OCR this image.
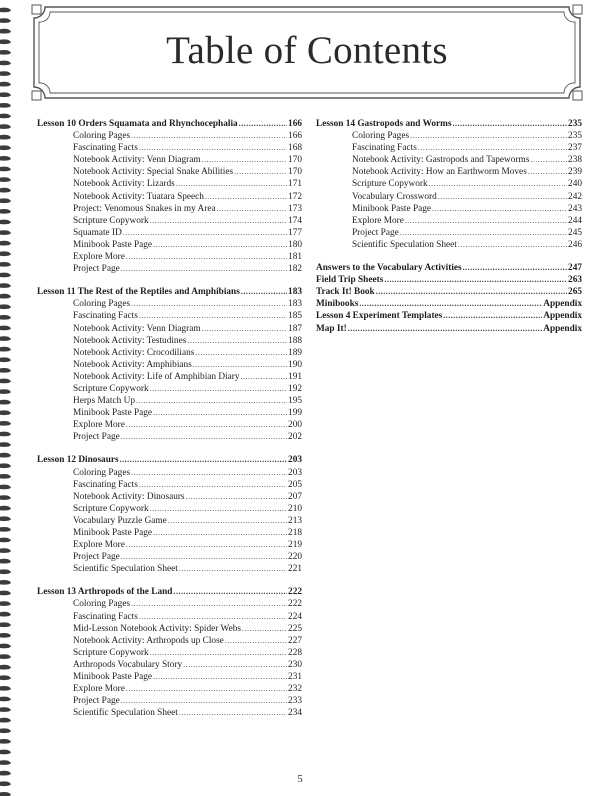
Table of Contents
Lesson 10 Orders Squamata and Rhynchocephalia .....	166
Coloring Pages .....	166
Fascinating Facts .....	168
Notebook Activity: Venn Diagram .....	170
Notebook Activity: Special Snake Abilities .....	170
Notebook Activity: Lizards .....	171
Notebook Activity: Tuatara Speech .....	172
Project: Venomous Snakes in my Area .....	173
Scripture Copywork .....	174
Squamate ID .....	177
Minibook Paste Page .....	180
Explore More .....	181
Project Page .....	182
Lesson 11 The Rest of the Reptiles and Amphibians .....	183
Coloring Pages .....	183
Fascinating Facts .....	185
Notebook Activity: Venn Diagram .....	187
Notebook Activity: Testudines .....	188
Notebook Activity: Crocodilians .....	189
Notebook Activity: Amphibians .....	190
Notebook Activity: Life of Amphibian Diary .....	191
Scripture Copywork .....	192
Herps Match Up .....	195
Minibook Paste Page .....	199
Explore More .....	200
Project Page .....	202
Lesson 12 Dinosaurs .....	203
Coloring Pages .....	203
Fascinating Facts .....	205
Notebook Activity: Dinosaurs .....	207
Scripture Copywork .....	210
Vocabulary Puzzle Game .....	213
Minibook Paste Page .....	218
Explore More .....	219
Project Page .....	220
Scientific Speculation Sheet .....	221
Lesson 13 Arthropods of the Land .....	222
Coloring Pages .....	222
Fascinating Facts .....	224
Mid-Lesson Notebook Activity: Spider Webs .....	225
Notebook Activity: Arthropods up Close .....	227
Scripture Copywork .....	228
Arthropods Vocabulary Story .....	230
Minibook Paste Page .....	231
Explore More .....	232
Project Page .....	233
Scientific Speculation Sheet .....	234
Lesson 14 Gastropods and Worms .....	235
Coloring Pages .....	235
Fascinating Facts .....	237
Notebook Activity: Gastropods and Tapeworms .....	238
Notebook Activity: How an Earthworm Moves .....	239
Scripture Copywork .....	240
Vocabulary Crossword .....	242
Minibook Paste Page .....	243
Explore More .....	244
Project Page .....	245
Scientific Speculation Sheet .....	246
Answers to the Vocabulary Activities .....	247
Field Trip Sheets .....	263
Track It! Book .....	265
Minibooks .....	Appendix
Lesson 4 Experiment Templates .....	Appendix
Map It! .....	Appendix
5
